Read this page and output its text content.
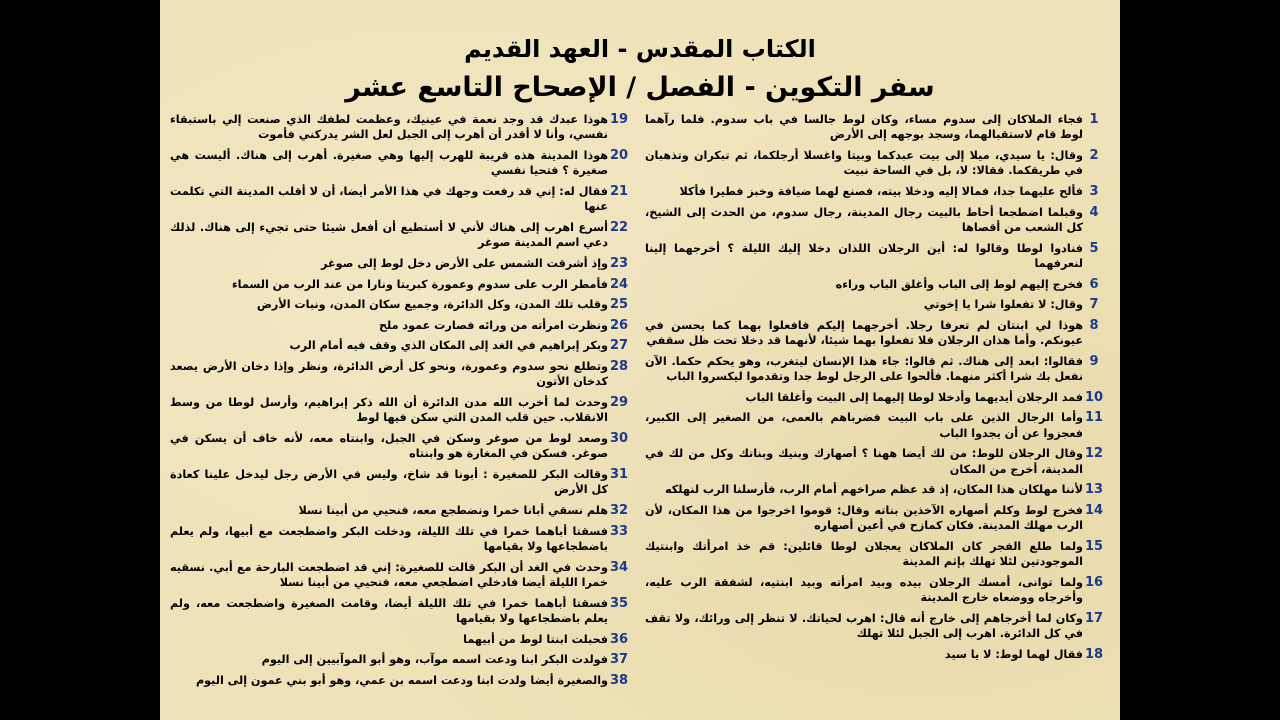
الكتاب المقدس - العهد القديم
سفر التكوين - الفصل / الإصحاح التاسع عشر
1
فجاء الملاكان إلى سدوم مساء، وكان لوط جالسا في باب سدوم. فلما رآهما لوط قام لاستقبالهما، وسجد بوجهه إلى الأرض
2
وقال: يا سيدي، ميلا إلى بيت عبدكما وبيتا واغسلا أرجلكما، ثم تبكران وتذهبان في طريقكما. فقالا: لا، بل في الساحة نبيت
3
فألح عليهما جدا، فمالا إليه ودخلا بيته، فصنع لهما ضيافة وخبز فطيرا فأكلا
4
وقبلما اضطجعا أحاط بالبيت رجال المدينة، رجال سدوم، من الحدث إلى الشيخ، كل الشعب من أقصاها
5
فنادوا لوطا وقالوا له: أين الرجلان اللذان دخلا إليك الليلة ؟ أخرجهما إلينا لنعرفهما
6
فخرج إليهم لوط إلى الباب وأغلق الباب وراءه
7
وقال: لا تفعلوا شرا يا إخوتي
8
هوذا لي ابنتان لم تعرفا رجلا. أخرجهما إليكم فافعلوا بهما كما يحسن في عيونكم. وأما هذان الرجلان فلا تفعلوا بهما شيئا، لأنهما قد دخلا تحت ظل سقفي
9
فقالوا: ابعد إلى هناك. ثم قالوا: جاء هذا الإنسان ليتغرب، وهو يحكم حكما. الآن نفعل بك شرا أكثر منهما. فألحوا على الرجل لوط جدا وتقدموا ليكسروا الباب
10
فمد الرجلان أيديهما وأدخلا لوطا إليهما إلى البيت وأغلقا الباب
11
وأما الرجال الذين على باب البيت فضرباهم بالعمى، من الصغير إلى الكبير، فعجزوا عن أن يجدوا الباب
12
وقال الرجلان للوط: من لك أيضا ههنا ؟ أصهارك وبنيك وبناتك وكل من لك في المدينة، أخرج من المكان
13
لأننا مهلكان هذا المكان، إذ قد عظم صراخهم أمام الرب، فأرسلنا الرب لنهلكه
14
فخرج لوط وكلم أصهاره الآخذين بناته وقال: قوموا اخرجوا من هذا المكان، لأن الرب مهلك المدينة. فكان كمازح في أعين أصهاره
15
ولما طلع الفجر كان الملاكان يعجلان لوطا قائلين: قم خذ امرأتك وابنتيك الموجودتين لئلا تهلك بإثم المدينة
16
ولما توانى، أمسك الرجلان بيده وبيد امرأته وبيد ابنتيه، لشفقة الرب عليه، وأخرجاه ووضعاه خارج المدينة
17
وكان لما أخرجاهم إلى خارج أنه قال: اهرب لحياتك. لا تنظر إلى ورائك، ولا تقف في كل الدائرة. اهرب إلى الجبل لئلا تهلك
18
فقال لهما لوط: لا يا سيد
19
هوذا عبدك قد وجد نعمة في عينيك، وعظمت لطفك الذي صنعت إلي باستبقاء نفسي، وأنا لا أقدر أن أهرب إلى الجبل لعل الشر يدركني فأموت
20
هوذا المدينة هذه قريبة للهرب إليها وهي صغيرة. أهرب إلى هناك. أليست هي صغيرة ؟ فتحيا نفسي
21
فقال له: إني قد رفعت وجهك في هذا الأمر أيضا، أن لا أقلب المدينة التي تكلمت عنها
22
أسرع اهرب إلى هناك لأني لا أستطيع أن أفعل شيئا حتى تجيء إلى هناك. لذلك دعي اسم المدينة صوغر
23
وإذ أشرقت الشمس على الأرض دخل لوط إلى صوغر
24
فأمطر الرب على سدوم وعمورة كبريتا ونارا من عند الرب من السماء
25
وقلب تلك المدن، وكل الدائرة، وجميع سكان المدن، ونبات الأرض
26
ونظرت امرأته من ورائه فصارت عمود ملح
27
وبكر إبراهيم في الغد إلى المكان الذي وقف فيه أمام الرب
28
وتطلع نحو سدوم وعمورة، ونحو كل أرض الدائرة، ونظر وإذا دخان الأرض يصعد كدخان الأتون
29
وحدث لما أخرب الله مدن الدائرة أن الله ذكر إبراهيم، وأرسل لوطا من وسط الانقلاب. حين قلب المدن التي سكن فيها لوط
30
وصعد لوط من صوغر وسكن في الجبل، وابنتاه معه، لأنه خاف أن يسكن في صوغر. فسكن في المغارة هو وابنتاه
31
وقالت البكر للصغيرة : أبونا قد شاخ، وليس في الأرض رجل ليدخل علينا كعادة كل الأرض
32
هلم نسقي أبانا خمرا ونضطجع معه، فنحيي من أبينا نسلا
33
فسقتا أباهما خمرا في تلك الليلة، ودخلت البكر واضطجعت مع أبيها، ولم يعلم باضطجاعها ولا بقيامها
34
وحدث في الغد أن البكر قالت للصغيرة: إني قد اضطجعت البارحة مع أبي. نسقيه خمرا الليلة أيضا فادخلي اضطجعي معه، فنحيي من أبينا نسلا
35
فسقتا أباهما خمرا في تلك الليلة أيضا، وقامت الصغيرة واضطجعت معه، ولم يعلم باضطجاعها ولا بقيامها
36
فحبلت ابنتا لوط من أبيهما
37
فولدت البكر ابنا ودعت اسمه موآب، وهو أبو الموآبيين إلى اليوم
38
والصغيرة أيضا ولدت ابنا ودعت اسمه بن عمي، وهو أبو بني عمون إلى اليوم
